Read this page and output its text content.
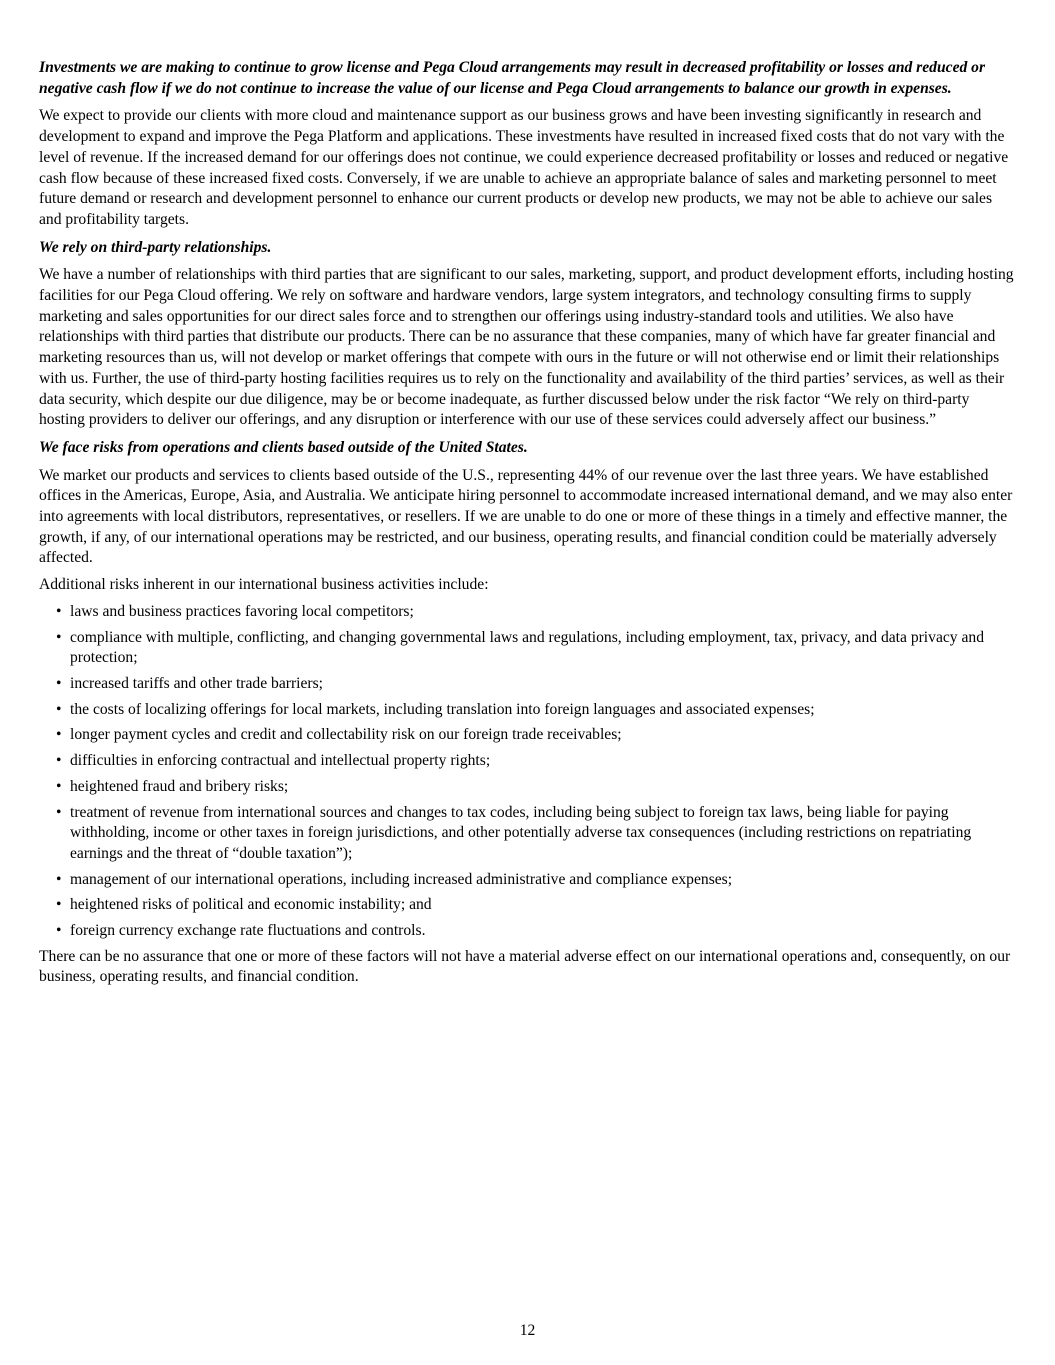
Investments we are making to continue to grow license and Pega Cloud arrangements may result in decreased profitability or losses and reduced or negative cash flow if we do not continue to increase the value of our license and Pega Cloud arrangements to balance our growth in expenses.

We expect to provide our clients with more cloud and maintenance support as our business grows and have been investing significantly in research and development to expand and improve the Pega Platform and applications. These investments have resulted in increased fixed costs that do not vary with the level of revenue. If the increased demand for our offerings does not continue, we could experience decreased profitability or losses and reduced or negative cash flow because of these increased fixed costs. Conversely, if we are unable to achieve an appropriate balance of sales and marketing personnel to meet future demand or research and development personnel to enhance our current products or develop new products, we may not be able to achieve our sales and profitability targets.

We rely on third-party relationships.

We have a number of relationships with third parties that are significant to our sales, marketing, support, and product development efforts, including hosting facilities for our Pega Cloud offering. We rely on software and hardware vendors, large system integrators, and technology consulting firms to supply marketing and sales opportunities for our direct sales force and to strengthen our offerings using industry-standard tools and utilities. We also have relationships with third parties that distribute our products. There can be no assurance that these companies, many of which have far greater financial and marketing resources than us, will not develop or market offerings that compete with ours in the future or will not otherwise end or limit their relationships with us. Further, the use of third-party hosting facilities requires us to rely on the functionality and availability of the third parties’ services, as well as their data security, which despite our due diligence, may be or become inadequate, as further discussed below under the risk factor “We rely on third-party hosting providers to deliver our offerings, and any disruption or interference with our use of these services could adversely affect our business.”

We face risks from operations and clients based outside of the United States.

We market our products and services to clients based outside of the U.S., representing 44% of our revenue over the last three years. We have established offices in the Americas, Europe, Asia, and Australia. We anticipate hiring personnel to accommodate increased international demand, and we may also enter into agreements with local distributors, representatives, or resellers. If we are unable to do one or more of these things in a timely and effective manner, the growth, if any, of our international operations may be restricted, and our business, operating results, and financial condition could be materially adversely affected.

Additional risks inherent in our international business activities include:

• laws and business practices favoring local competitors;
• compliance with multiple, conflicting, and changing governmental laws and regulations, including employment, tax, privacy, and data privacy and protection;
• increased tariffs and other trade barriers;
• the costs of localizing offerings for local markets, including translation into foreign languages and associated expenses;
• longer payment cycles and credit and collectability risk on our foreign trade receivables;
• difficulties in enforcing contractual and intellectual property rights;
• heightened fraud and bribery risks;
• treatment of revenue from international sources and changes to tax codes, including being subject to foreign tax laws, being liable for paying withholding, income or other taxes in foreign jurisdictions, and other potentially adverse tax consequences (including restrictions on repatriating earnings and the threat of “double taxation”);
• management of our international operations, including increased administrative and compliance expenses;
• heightened risks of political and economic instability; and
• foreign currency exchange rate fluctuations and controls.

There can be no assurance that one or more of these factors will not have a material adverse effect on our international operations and, consequently, on our business, operating results, and financial condition.

12
